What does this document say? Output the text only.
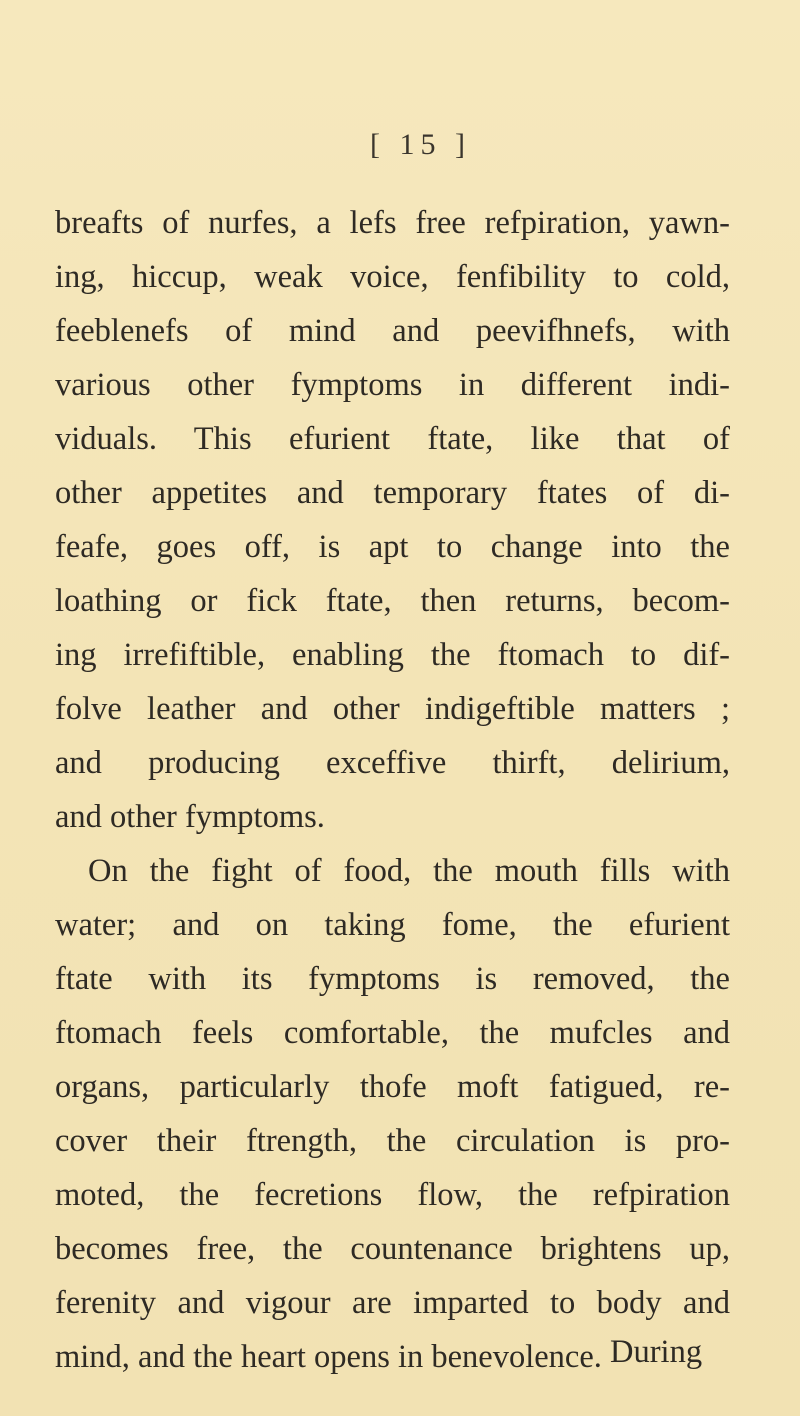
[ 15 ]
breafts of nurfes, a lefs free refpiration, yawn-
ing, hiccup, weak voice, fenfibility to cold,
feeblenefs of mind and peevifhnefs, with
various other fymptoms in different indi-
viduals. This efurient ftate, like that of
other appetites and temporary ftates of di-
feafe, goes off, is apt to change into the
loathing or fick ftate, then returns, becom-
ing irrefiftible, enabling the ftomach to dif-
folve leather and other indigeftible matters ;
and producing exceffive thirft, delirium,
and other fymptoms.
On the fight of food, the mouth fills with
water; and on taking fome, the efurient
ftate with its fymptoms is removed, the
ftomach feels comfortable, the mufcles and
organs, particularly thofe moft fatigued, re-
cover their ftrength, the circulation is pro-
moted, the fecretions flow, the refpiration
becomes free, the countenance brightens up,
ferenity and vigour are imparted to body and
mind, and the heart opens in benevolence. During
